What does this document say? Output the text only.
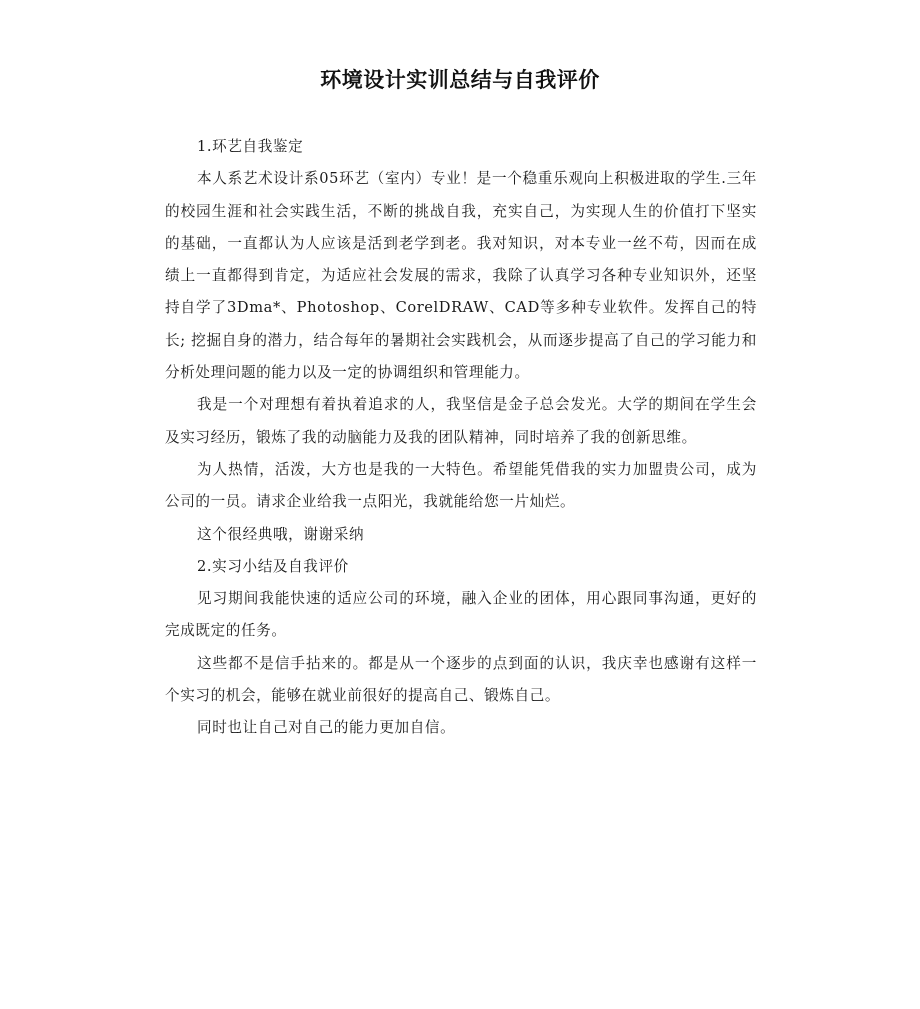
环境设计实训总结与自我评价

1.环艺自我鉴定

本人系艺术设计系05环艺（室内）专业！是一个稳重乐观向上积极进取的学生.三年的校园生涯和社会实践生活，不断的挑战自我，充实自己，为实现人生的价值打下坚实的基础，一直都认为人应该是活到老学到老。我对知识，对本专业一丝不苟，因而在成绩上一直都得到肯定，为适应社会发展的需求，我除了认真学习各种专业知识外，还坚持自学了3Dma*、Photoshop、CorelDRAW、CAD等多种专业软件。发挥自己的特长; 挖掘自身的潜力，结合每年的暑期社会实践机会，从而逐步提高了自己的学习能力和分析处理问题的能力以及一定的协调组织和管理能力。

我是一个对理想有着执着追求的人，我坚信是金子总会发光。大学的期间在学生会及实习经历，锻炼了我的动脑能力及我的团队精神，同时培养了我的创新思维。

为人热情，活泼，大方也是我的一大特色。希望能凭借我的实力加盟贵公司，成为公司的一员。请求企业给我一点阳光，我就能给您一片灿烂。

这个很经典哦，谢谢采纳

2.实习小结及自我评价

见习期间我能快速的适应公司的环境，融入企业的团体，用心跟同事沟通，更好的完成既定的任务。

这些都不是信手拈来的。都是从一个逐步的点到面的认识，我庆幸也感谢有这样一个实习的机会，能够在就业前很好的提高自己、锻炼自己。

同时也让自己对自己的能力更加自信。
